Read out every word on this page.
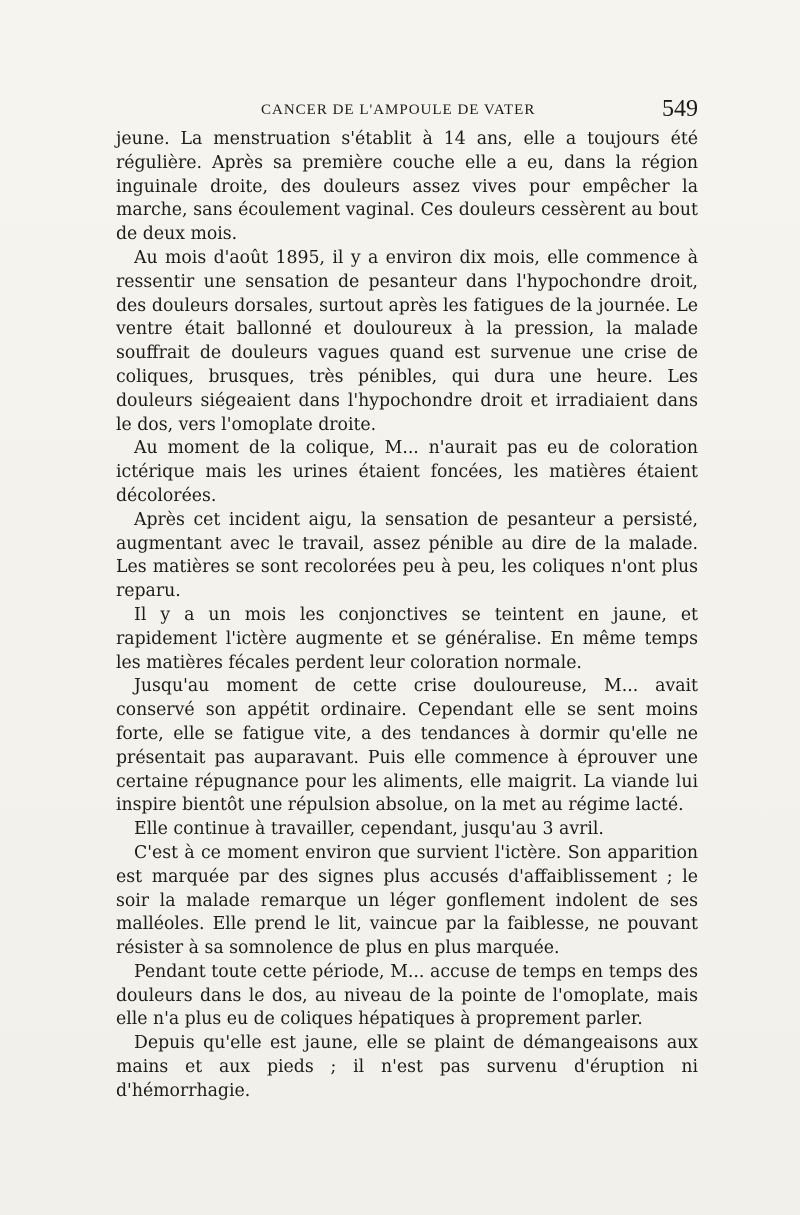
CANCER DE L'AMPOULE DE VATER	549

jeune. La menstruation s'établit à 14 ans, elle a toujours été régulière. Après sa première couche elle a eu, dans la région inguinale droite, des douleurs assez vives pour empêcher la marche, sans écoulement vaginal. Ces douleurs cessèrent au bout de deux mois.

Au mois d'août 1895, il y a environ dix mois, elle commence à ressentir une sensation de pesanteur dans l'hypochondre droit, des douleurs dorsales, surtout après les fatigues de la journée. Le ventre était ballonné et douloureux à la pression, la malade souffrait de douleurs vagues quand est survenue une crise de coliques, brusques, très pénibles, qui dura une heure. Les douleurs siégeaient dans l'hypochondre droit et irradiaient dans le dos, vers l'omoplate droite.

Au moment de la colique, M... n'aurait pas eu de coloration ictérique mais les urines étaient foncées, les matières étaient décolorées.

Après cet incident aigu, la sensation de pesanteur a persisté, augmentant avec le travail, assez pénible au dire de la malade. Les matières se sont recolorées peu à peu, les coliques n'ont plus reparu.

Il y a un mois les conjonctives se teintent en jaune, et rapidement l'ictère augmente et se généralise. En même temps les matières fécales perdent leur coloration normale.

Jusqu'au moment de cette crise douloureuse, M... avait conservé son appétit ordinaire. Cependant elle se sent moins forte, elle se fatigue vite, a des tendances à dormir qu'elle ne présentait pas auparavant. Puis elle commence à éprouver une certaine répugnance pour les aliments, elle maigrit. La viande lui inspire bientôt une répulsion absolue, on la met au régime lacté.

Elle continue à travailler, cependant, jusqu'au 3 avril.

C'est à ce moment environ que survient l'ictère. Son apparition est marquée par des signes plus accusés d'affaiblissement ; le soir la malade remarque un léger gonflement indolent de ses malléoles. Elle prend le lit, vaincue par la faiblesse, ne pouvant résister à sa somnolence de plus en plus marquée.

Pendant toute cette période, M... accuse de temps en temps des douleurs dans le dos, au niveau de la pointe de l'omoplate, mais elle n'a plus eu de coliques hépatiques à proprement parler.

Depuis qu'elle est jaune, elle se plaint de démangeaisons aux mains et aux pieds ; il n'est pas survenu d'éruption ni d'hémorrhagie.
